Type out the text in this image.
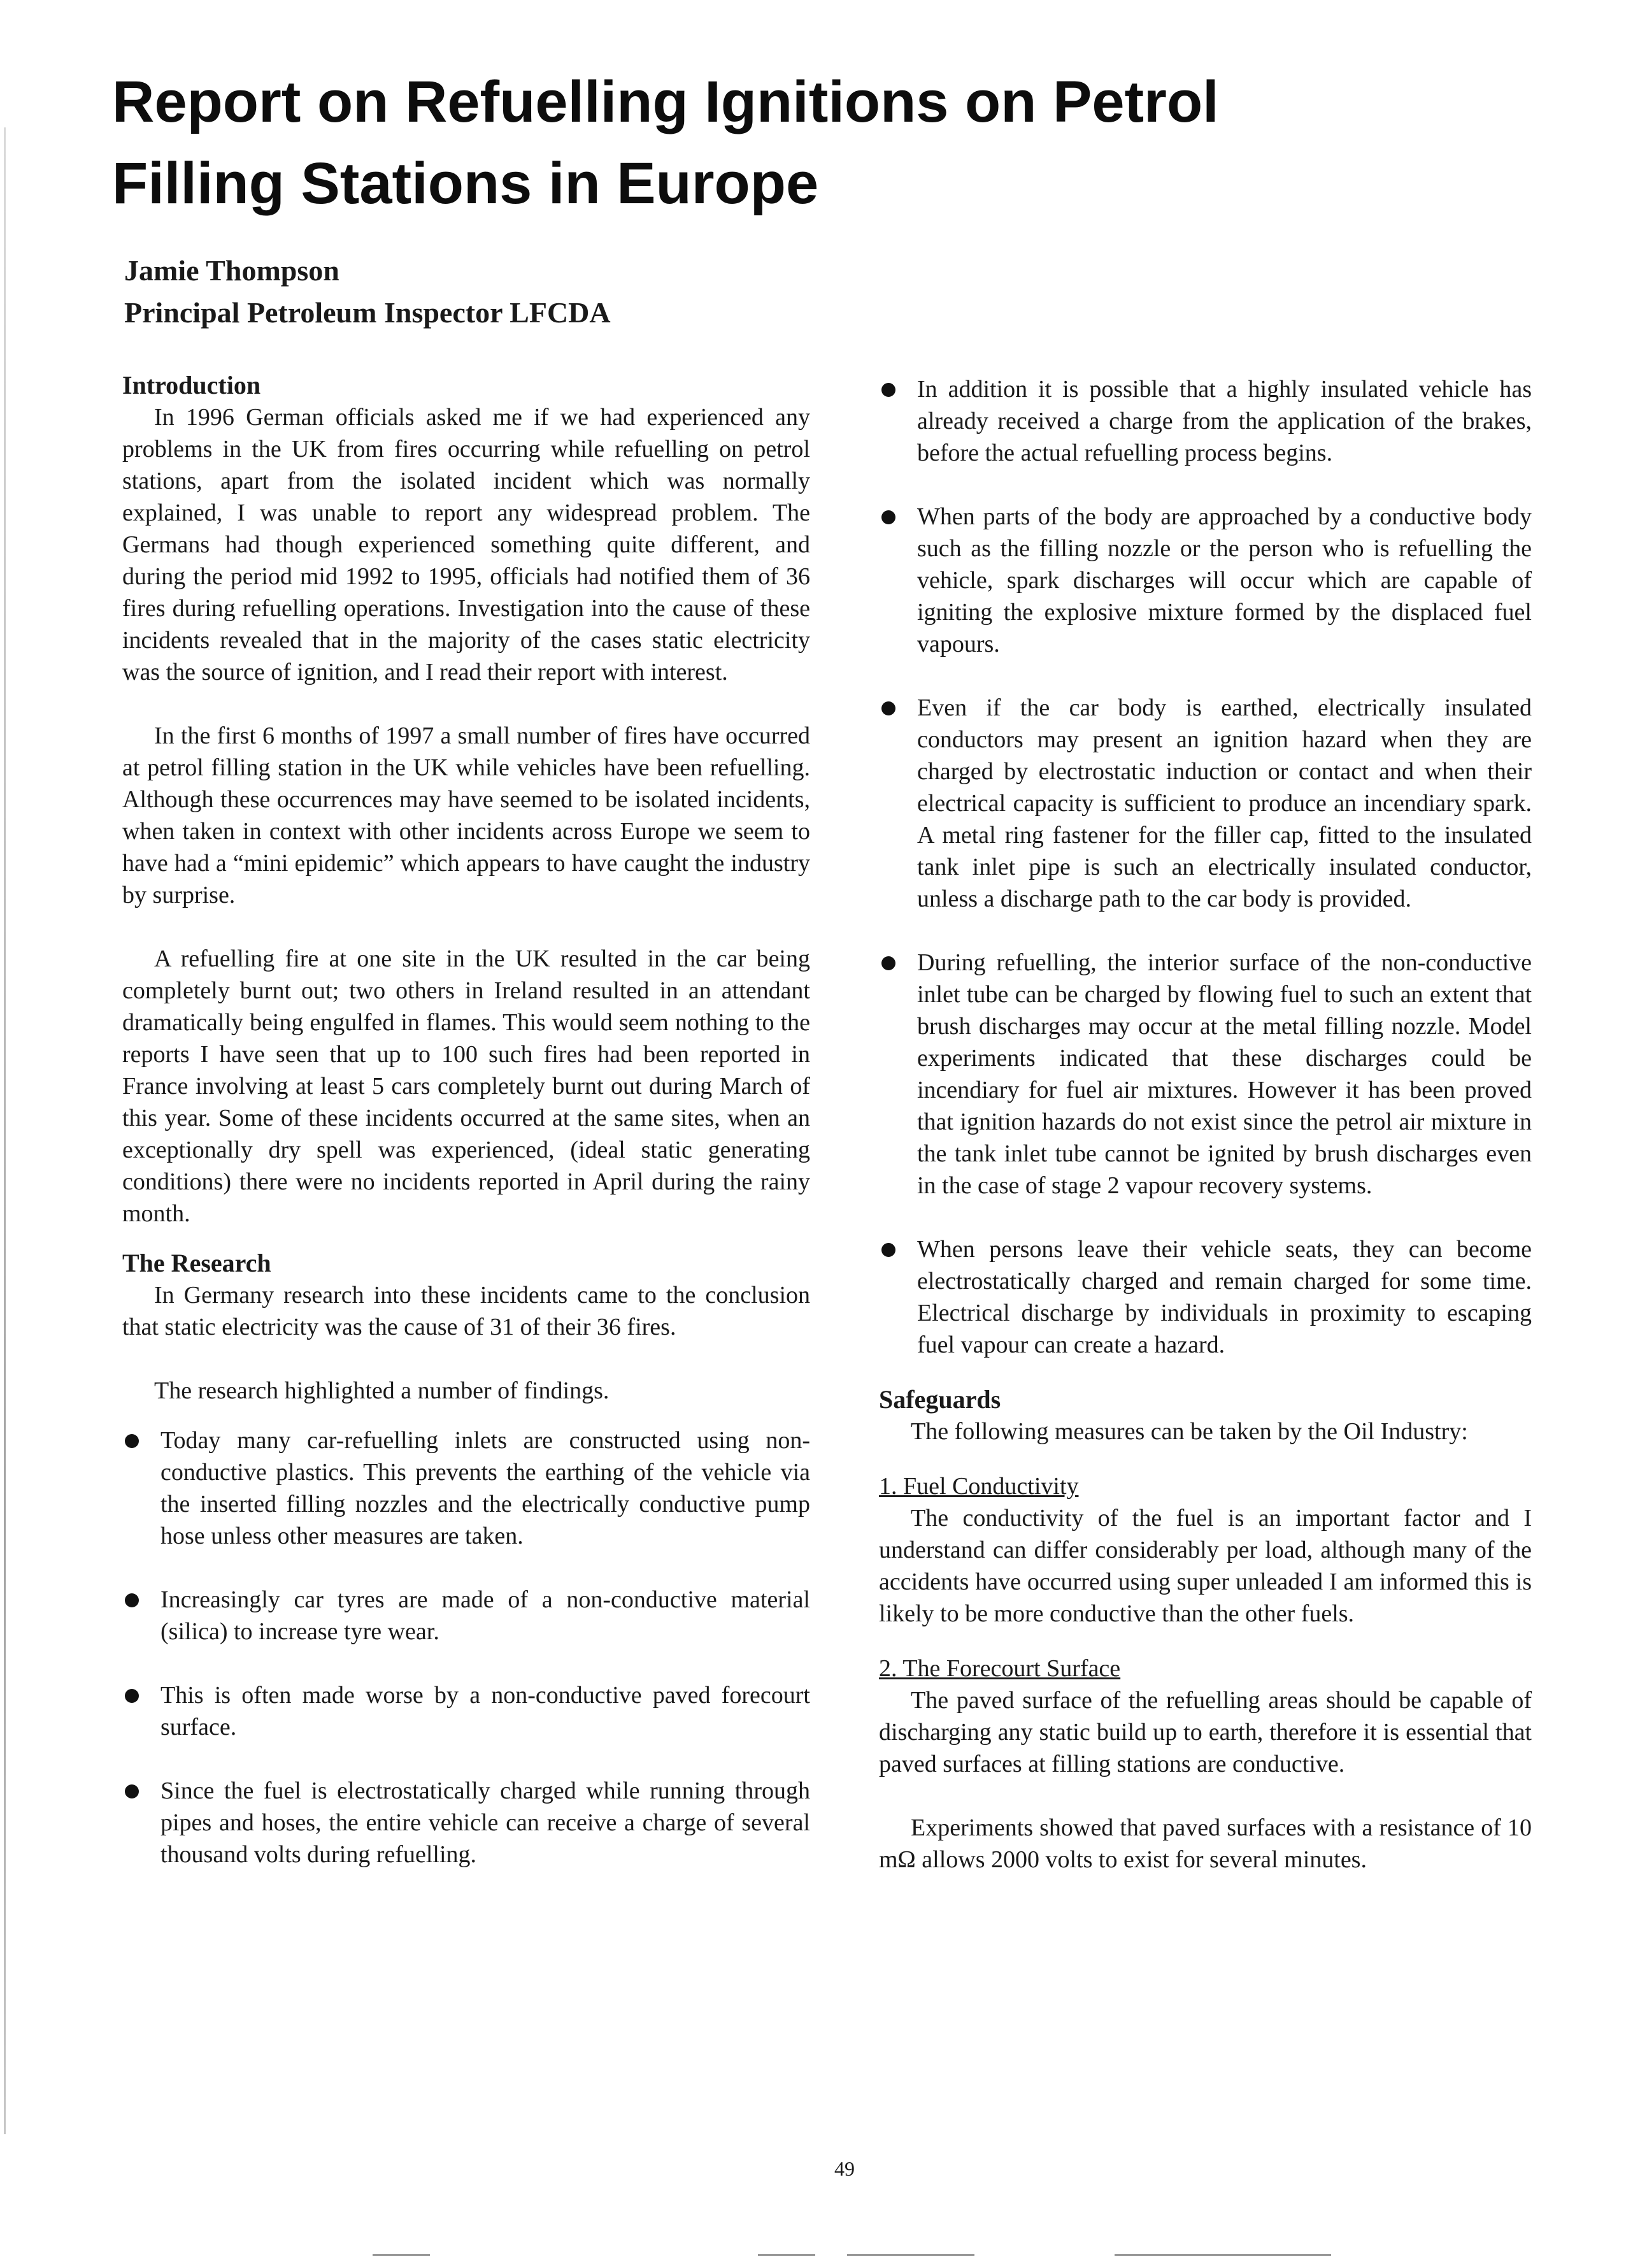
Report on Refuelling Ignitions on Petrol
Filling Stations in Europe
Jamie Thompson
Principal Petroleum Inspector LFCDA
Introduction

In 1996 German officials asked me if we had experienced any problems in the UK from fires occurring while refuelling on petrol stations, apart from the isolated incident which was normally explained, I was unable to report any widespread problem. The Germans had though experienced something quite different, and during the period mid 1992 to 1995, officials had notified them of 36 fires during refuelling operations. Investigation into the cause of these incidents revealed that in the majority of the cases static electricity was the source of ignition, and I read their report with interest.

In the first 6 months of 1997 a small number of fires have occurred at petrol filling station in the UK while vehicles have been refuelling. Although these occurrences may have seemed to be isolated incidents, when taken in context with other incidents across Europe we seem to have had a “mini epidemic” which appears to have caught the industry by surprise.

A refuelling fire at one site in the UK resulted in the car being completely burnt out; two others in Ireland resulted in an attendant dramatically being engulfed in flames. This would seem nothing to the reports I have seen that up to 100 such fires had been reported in France involving at least 5 cars completely burnt out during March of this year. Some of these incidents occurred at the same sites, when an exceptionally dry spell was experienced, (ideal static generating conditions) there were no incidents reported in April during the rainy month.

The Research

In Germany research into these incidents came to the conclusion that static electricity was the cause of 31 of their 36 fires.

The research highlighted a number of findings.

Today many car-refuelling inlets are constructed using non-conductive plastics. This prevents the earthing of the vehicle via the inserted filling nozzles and the electrically conductive pump hose unless other measures are taken.
Increasingly car tyres are made of a non-conductive material (silica) to increase tyre wear.
This is often made worse by a non-conductive paved forecourt surface.
Since the fuel is electrostatically charged while running through pipes and hoses, the entire vehicle can receive a charge of several thousand volts during refuelling.
In addition it is possible that a highly insulated vehicle has already received a charge from the application of the brakes, before the actual refuelling process begins.
When parts of the body are approached by a conductive body such as the filling nozzle or the person who is refuelling the vehicle, spark discharges will occur which are capable of igniting the explosive mixture formed by the displaced fuel vapours.
Even if the car body is earthed, electrically insulated conductors may present an ignition hazard when they are charged by electrostatic induction or contact and when their electrical capacity is sufficient to produce an incendiary spark. A metal ring fastener for the filler cap, fitted to the insulated tank inlet pipe is such an electrically insulated conductor, unless a discharge path to the car body is provided.
During refuelling, the interior surface of the non-conductive inlet tube can be charged by flowing fuel to such an extent that brush discharges may occur at the metal filling nozzle. Model experiments indicated that these discharges could be incendiary for fuel air mixtures. However it has been proved that ignition hazards do not exist since the petrol air mixture in the tank inlet tube cannot be ignited by brush discharges even in the case of stage 2 vapour recovery systems.
When persons leave their vehicle seats, they can become electrostatically charged and remain charged for some time. Electrical discharge by individuals in proximity to escaping fuel vapour can create a hazard.
Safeguards

The following measures can be taken by the Oil Industry:

1. Fuel Conductivity

The conductivity of the fuel is an important factor and I understand can differ considerably per load, although many of the accidents have occurred using super unleaded I am informed this is likely to be more conductive than the other fuels.

2. The Forecourt Surface

The paved surface of the refuelling areas should be capable of discharging any static build up to earth, therefore it is essential that paved surfaces at filling stations are conductive.

Experiments showed that paved surfaces with a resistance of 10 mΩ allows 2000 volts to exist for several minutes.

49
